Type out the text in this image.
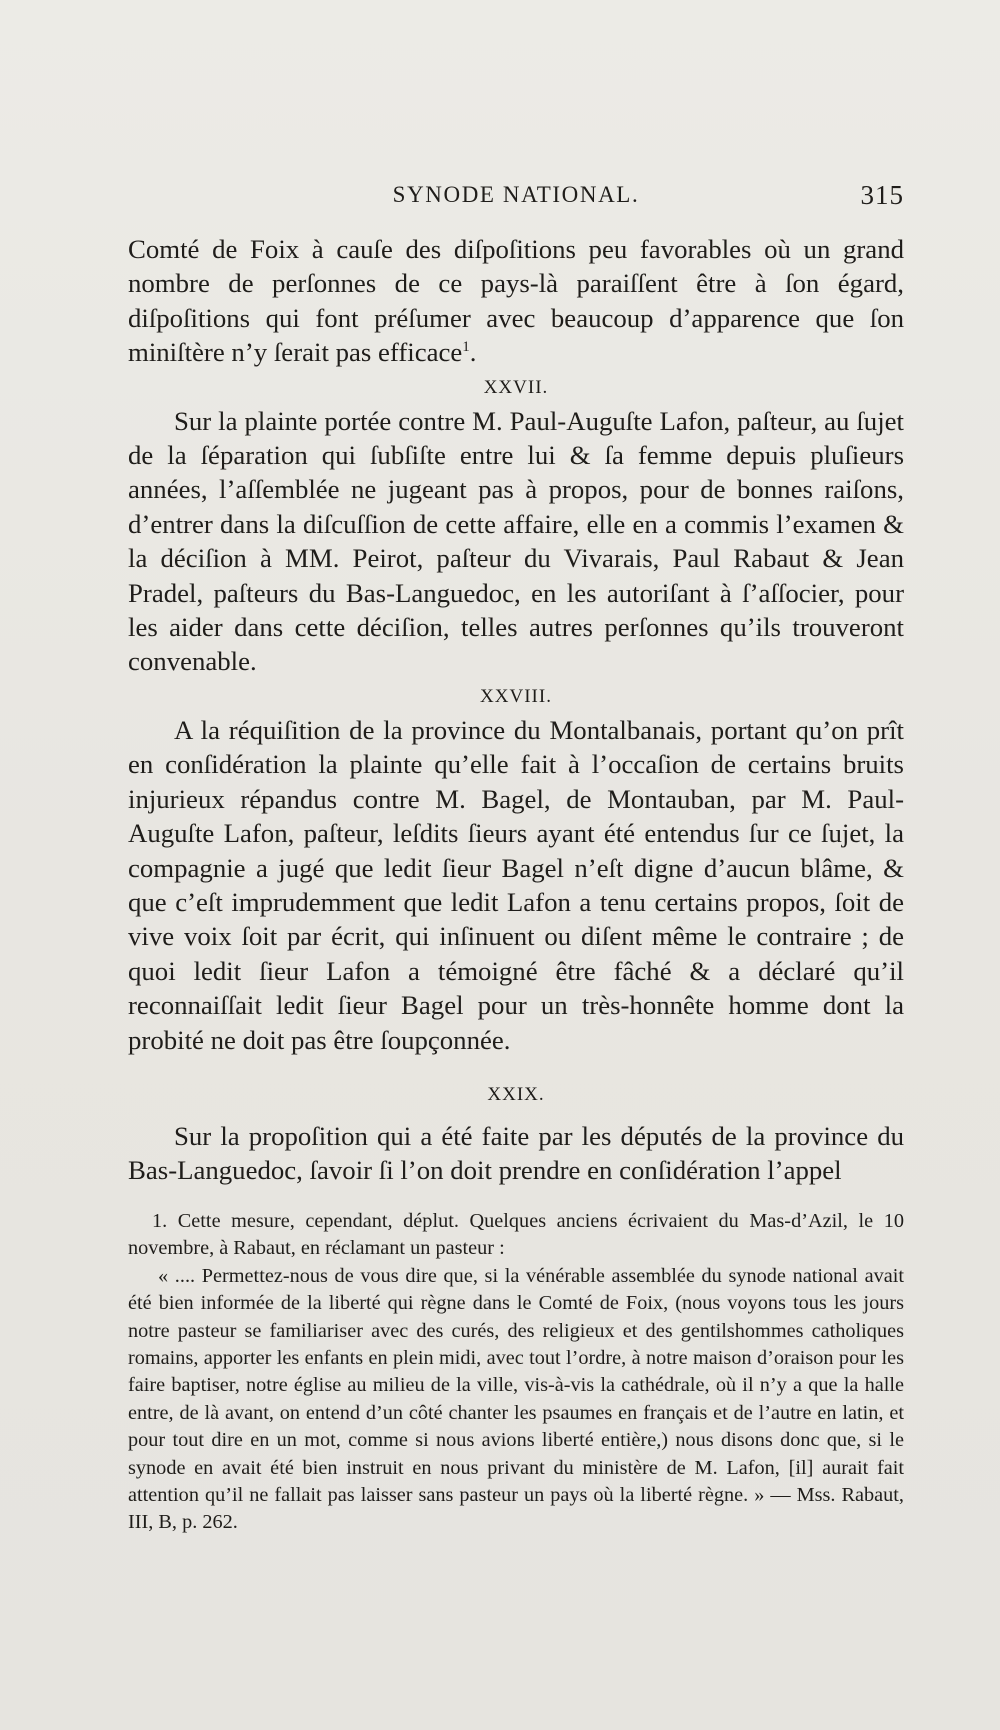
SYNODE NATIONAL.	315

Comté de Foix à cauſe des diſpoſitions peu favorables où un grand nombre de perſonnes de ce pays-là paraiſſent être à ſon égard, diſpoſitions qui font préſumer avec beaucoup d’apparence que ſon miniſtère n’y ſerait pas efficace$^1$.

XXVII.

Sur la plainte portée contre M. Paul-Auguſte Lafon, paſteur, au ſujet de la ſéparation qui ſubſiſte entre lui & ſa femme depuis pluſieurs années, l’aſſemblée ne jugeant pas à propos, pour de bonnes raiſons, d’entrer dans la diſcuſſion de cette affaire, elle en a commis l’examen & la déciſion à MM. Peirot, paſteur du Vivarais, Paul Rabaut & Jean Pradel, paſteurs du Bas-Languedoc, en les autoriſant à ſ’aſſocier, pour les aider dans cette déciſion, telles autres perſonnes qu’ils trouveront convenable.

XXVIII.

A la réquiſition de la province du Montalbanais, portant qu’on prît en conſidération la plainte qu’elle fait à l’occaſion de certains bruits injurieux répandus contre M. Bagel, de Montauban, par M. Paul-Auguſte Lafon, paſteur, leſdits ſieurs ayant été entendus ſur ce ſujet, la compagnie a jugé que ledit ſieur Bagel n’eſt digne d’aucun blâme, & que c’eſt imprudemment que ledit Lafon a tenu certains propos, ſoit de vive voix ſoit par écrit, qui inſinuent ou diſent même le contraire ; de quoi ledit ſieur Lafon a témoigné être fâché & a déclaré qu’il reconnaiſſait ledit ſieur Bagel pour un très-honnête homme dont la probité ne doit pas être ſoupçonnée.

XXIX.

Sur la propoſition qui a été faite par les députés de la province du Bas-Languedoc, ſavoir ſi l’on doit prendre en conſidération l’appel

1. Cette mesure, cependant, déplut. Quelques anciens écrivaient du Mas-d’Azil, le 10 novembre, à Rabaut, en réclamant un pasteur :

« .... Permettez-nous de vous dire que, si la vénérable assemblée du synode national avait été bien informée de la liberté qui règne dans le Comté de Foix, (nous voyons tous les jours notre pasteur se familiariser avec des curés, des religieux et des gentilshommes catholiques romains, apporter les enfants en plein midi, avec tout l’ordre, à notre maison d’oraison pour les faire baptiser, notre église au milieu de la ville, vis-à-vis la cathédrale, où il n’y a que la halle entre, de là avant, on entend d’un côté chanter les psaumes en français et de l’autre en latin, et pour tout dire en un mot, comme si nous avions liberté entière,) nous disons donc que, si le synode en avait été bien instruit en nous privant du ministère de M. Lafon, [il] aurait fait attention qu’il ne fallait pas laisser sans pasteur un pays où la liberté règne. » — Mss. Rabaut, III, B, p. 262.
